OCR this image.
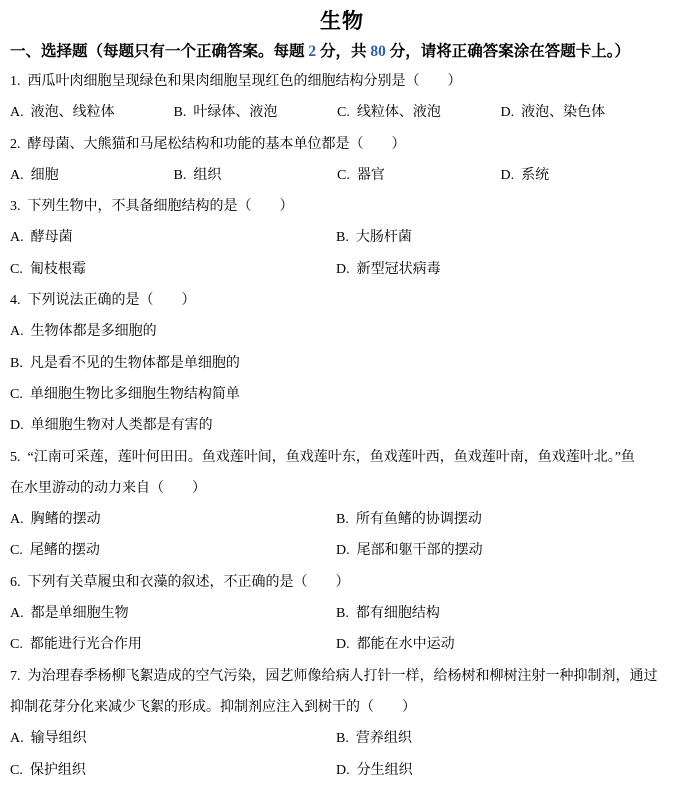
生物
一、选择题（每题只有一个正确答案。每题 2 分，共 80 分，请将正确答案涂在答题卡上。）
1. 西瓜叶肉细胞呈现绿色和果肉细胞呈现红色的细胞结构分别是（　　）
A. 液泡、线粒体	B. 叶绿体、液泡	C. 线粒体、液泡	D. 液泡、染色体
2. 酵母菌、大熊猫和马尾松结构和功能的基本单位都是（　　）
A. 细胞	B. 组织	C. 器官	D. 系统
3. 下列生物中，不具备细胞结构的是（　　）
A. 酵母菌	B. 大肠杆菌
C. 匍枝根霉	D. 新型冠状病毒
4. 下列说法正确的是（　　）
A. 生物体都是多细胞的
B. 凡是看不见的生物体都是单细胞的
C. 单细胞生物比多细胞生物结构简单
D. 单细胞生物对人类都是有害的
5. “江南可采莲，莲叶何田田。鱼戏莲叶间，鱼戏莲叶东，鱼戏莲叶西，鱼戏莲叶南，鱼戏莲叶北。”鱼
在水里游动的动力来自（　　）
A. 胸鳍的摆动	B. 所有鱼鳍的协调摆动
C. 尾鳍的摆动	D. 尾部和躯干部的摆动
6. 下列有关草履虫和衣藻的叙述，不正确的是（　　）
A. 都是单细胞生物	B. 都有细胞结构
C. 都能进行光合作用	D. 都能在水中运动
7. 为治理春季杨柳飞絮造成的空气污染，园艺师像给病人打针一样，给杨树和柳树注射一种抑制剂，通过
抑制花芽分化来减少飞絮的形成。抑制剂应注入到树干的（　　）
A. 输导组织	B. 营养组织
C. 保护组织	D. 分生组织
